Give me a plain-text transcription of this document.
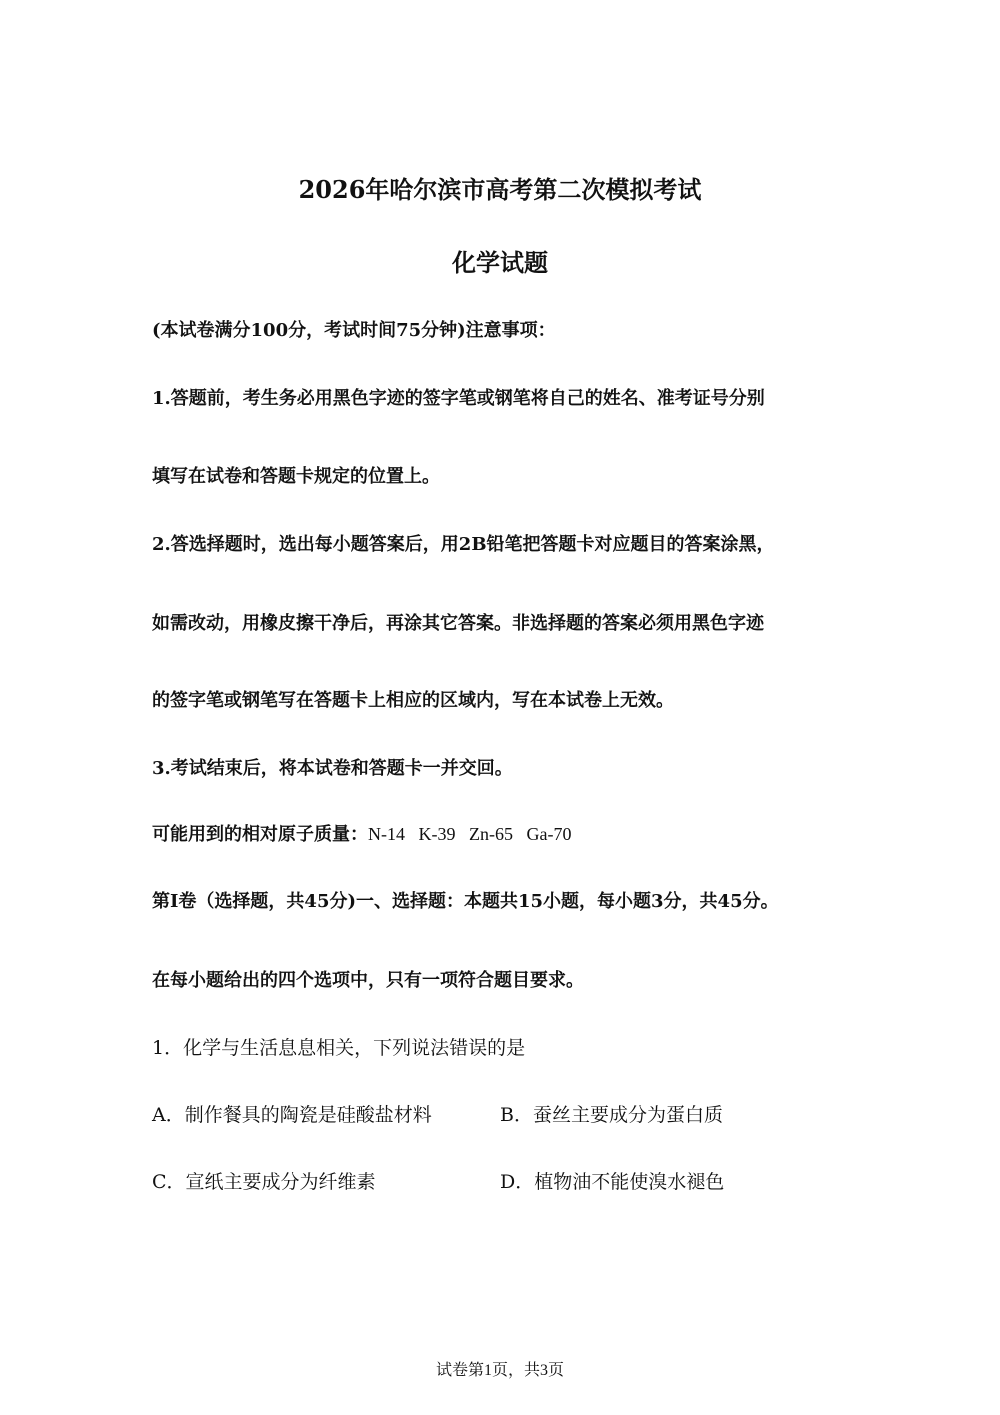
2026年哈尔滨市高考第二次模拟考试
化学试题
(本试卷满分100分，考试时间75分钟)注意事项：
1.答题前，考生务必用黑色字迹的签字笔或钢笔将自己的姓名、准考证号分别
填写在试卷和答题卡规定的位置上。
2.答选择题时，选出每小题答案后，用2B铅笔把答题卡对应题目的答案涂黑，
如需改动，用橡皮擦干净后，再涂其它答案。非选择题的答案必须用黑色字迹
的签字笔或钢笔写在答题卡上相应的区域内，写在本试卷上无效。
3.考试结束后，将本试卷和答题卡一并交回。
可能用到的相对原子质量：N-14   K-39   Zn-65   Ga-70
第Ⅰ卷（选择题，共45分)一、选择题：本题共15小题，每小题3分，共45分。
在每小题给出的四个选项中，只有一项符合题目要求。
1．化学与生活息息相关，下列说法错误的是
A．制作餐具的陶瓷是硅酸盐材料	B．蚕丝主要成分为蛋白质
C．宣纸主要成分为纤维素	D．植物油不能使溴水褪色
试卷第1页，共3页
